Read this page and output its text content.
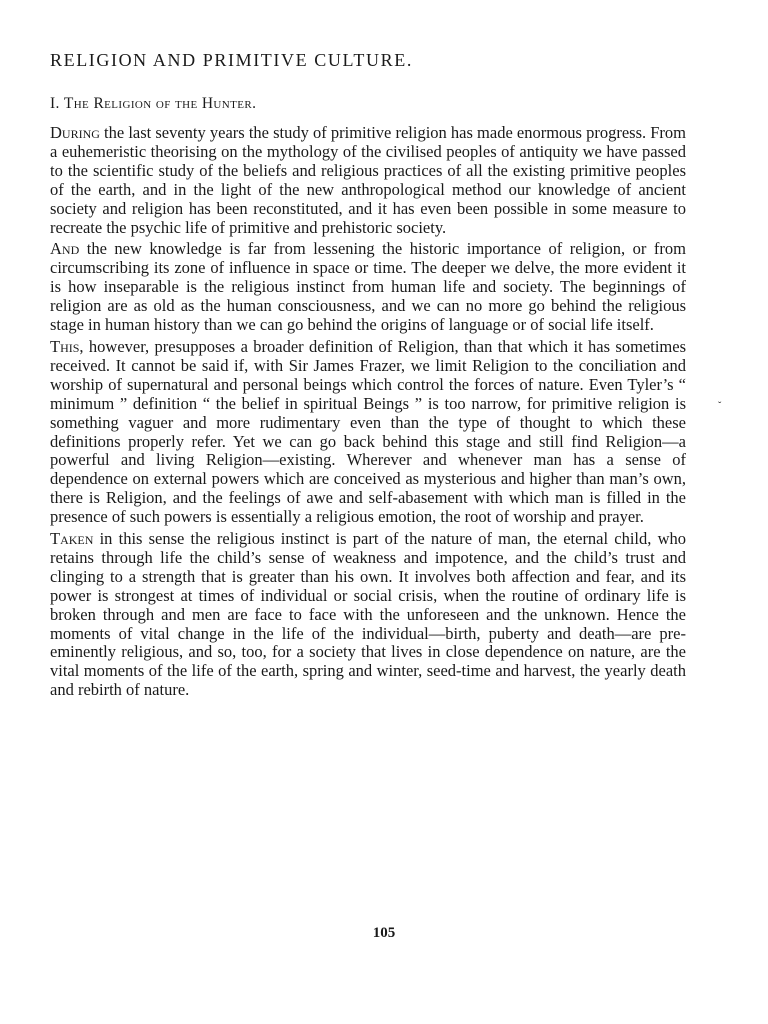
RELIGION AND PRIMITIVE CULTURE.
I. The Religion of the Hunter.

During the last seventy years the study of primitive religion has made enormous progress. From a euhemeristic theorising on the mythology of the civilised peoples of antiquity we have passed to the scientific study of the beliefs and religious practices of all the existing primitive peoples of the earth, and in the light of the new anthropological method our knowledge of ancient society and religion has been reconstituted, and it has even been possible in some measure to recreate the psychic life of primitive and prehistoric society.

And the new knowledge is far from lessening the historic importance of religion, or from circumscribing its zone of influence in space or time. The deeper we delve, the more evident it is how inseparable is the religious instinct from human life and society. The beginnings of religion are as old as the human consciousness, and we can no more go behind the religious stage in human history than we can go behind the origins of language or of social life itself.

This, however, presupposes a broader definition of Religion, than that which it has sometimes received. It cannot be said if, with Sir James Frazer, we limit Religion to the conciliation and worship of supernatural and personal beings which control the forces of nature. Even Tyler’s “ minimum ” definition “ the belief in spiritual Beings ” is too narrow, for primitive religion is something vaguer and more rudimentary even than the type of thought to which these definitions properly refer. Yet we can go back behind this stage and still find Religion—a powerful and living Religion—existing. Wherever and whenever man has a sense of dependence on external powers which are conceived as mysterious and higher than man’s own, there is Religion, and the feelings of awe and self-abasement with which man is filled in the presence of such powers is essentially a religious emotion, the root of worship and prayer.

Taken in this sense the religious instinct is part of the nature of man, the eternal child, who retains through life the child’s sense of weakness and impotence, and the child’s trust and clinging to a strength that is greater than his own. It involves both affection and fear, and its power is strongest at times of individual or social crisis, when the routine of ordinary life is broken through and men are face to face with the unforeseen and the unknown. Hence the moments of vital change in the life of the individual—birth, puberty and death—are pre-eminently religious, and so, too, for a society that lives in close dependence on nature, are the vital moments of the life of the earth, spring and winter, seed-time and harvest, the yearly death and rebirth of nature.

ˇ
105
